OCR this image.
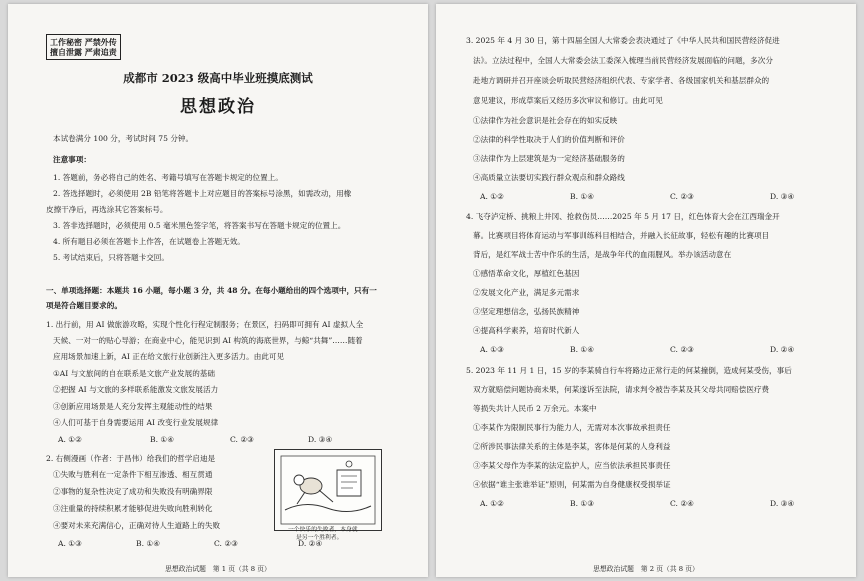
工作秘密 严禁外传
擅自泄露 严肃追责
成都市 2023 级高中毕业班摸底测试
思想政治
本试卷满分 100 分，考试时间 75 分钟。
注意事项：
1. 答题前，务必将自己的姓名、考籍号填写在答题卡规定的位置上。
2. 答选择题时，必须使用 2B 铅笔将答题卡上对应题目的答案标号涂黑，如需改动，用橡
皮擦干净后，再选涂其它答案标号。
3. 答非选择题时，必须使用 0.5 毫米黑色签字笔，将答案书写在答题卡规定的位置上。
4. 所有题目必须在答题卡上作答，在试题卷上答题无效。
5. 考试结束后，只将答题卡交回。
一、单项选择题：本题共 16 小题，每小题 3 分，共 48 分。在每小题给出的四个选项中，只有一
项是符合题目要求的。
1. 出行前，用 AI 做旅游攻略，实现个性化行程定制服务；在景区，扫码即可拥有 AI 虚拟人全
天候、一对一的贴心导游；在商业中心，能见识到 AI 构筑的海底世界，与鲸“共舞”……随着
应用场景加速上新，AI 正在给文旅行业创新注入更多活力。由此可见
①AI 与文旅间的自在联系是文旅产业发展的基础
②把握 AI 与文旅的多样联系能激发文旅发展活力
③创新应用场景是人充分发挥主观能动性的结果
④人们可基于自身需要运用 AI 改变行业发展规律
A. ①②	B. ①④	C. ②③	D. ③④
2. 右侧漫画（作者：于昌伟）给我们的哲学启迪是
①失败与胜利在一定条件下相互渗透、相互贯通
②事物的复杂性决定了成功和失败没有明确界限
③注重量的持续积累才能够促进失败向胜利转化
④要对未来充满信心，正确对待人生道路上的失败
A. ①③	B. ①④	C. ②③	D. ②④
一个快乐的失败者，本身就
是另一个胜利者。
思想政治试题　第 1 页（共 8 页）
3. 2025 年 4 月 30 日，第十四届全国人大常委会表决通过了《中华人民共和国民营经济促进
法》。立法过程中，全国人大常委会法工委深入梳理当前民营经济发展面临的问题，多次分
赴地方调研并召开座谈会听取民营经济组织代表、专家学者、各级国家机关和基层群众的
意见建议，形成草案后又经历多次审议和修订。由此可见
①法律作为社会意识是社会存在的如实反映
②法律的科学性取决于人们的价值判断和评价
③法律作为上层建筑是为一定经济基础服务的
④高质量立法要切实践行群众观点和群众路线
A. ①②	B. ①④	C. ②③	D. ③④
4. 飞夺泸定桥、挑粮上井冈、抢救伤员……2025 年 5 月 17 日，红色体育大会在江西瑞金开
幕。比赛项目将体育运动与军事训练科目相结合，并融入长征故事，轻松有趣的比赛项目
背后，是红军战士苦中作乐的生活，是战争年代的血雨腥风。举办该活动意在
①感悟革命文化，厚植红色基因
②发展文化产业，满足多元需求
③坚定理想信念，弘扬民族精神
④提高科学素养，培育时代新人
A. ①③	B. ①④	C. ②③	D. ②④
5. 2023 年 11 月 1 日，15 岁的李某骑自行车将路边正常行走的何某撞倒，造成何某受伤，事后
双方就赔偿问题协商未果，何某遂诉至法院，请求判令被告李某及其父母共同赔偿医疗费
等损失共计人民币 2 万余元。本案中
①李某作为限制民事行为能力人，无需对本次事故承担责任
②所涉民事法律关系的主体是李某，客体是何某的人身利益
③李某父母作为李某的法定监护人，应当依法承担民事责任
④依据“谁主张谁举证”原则，何某需为自身健康权受损举证
A. ①②	B. ①③	C. ②④	D. ③④
思想政治试题　第 2 页（共 8 页）
